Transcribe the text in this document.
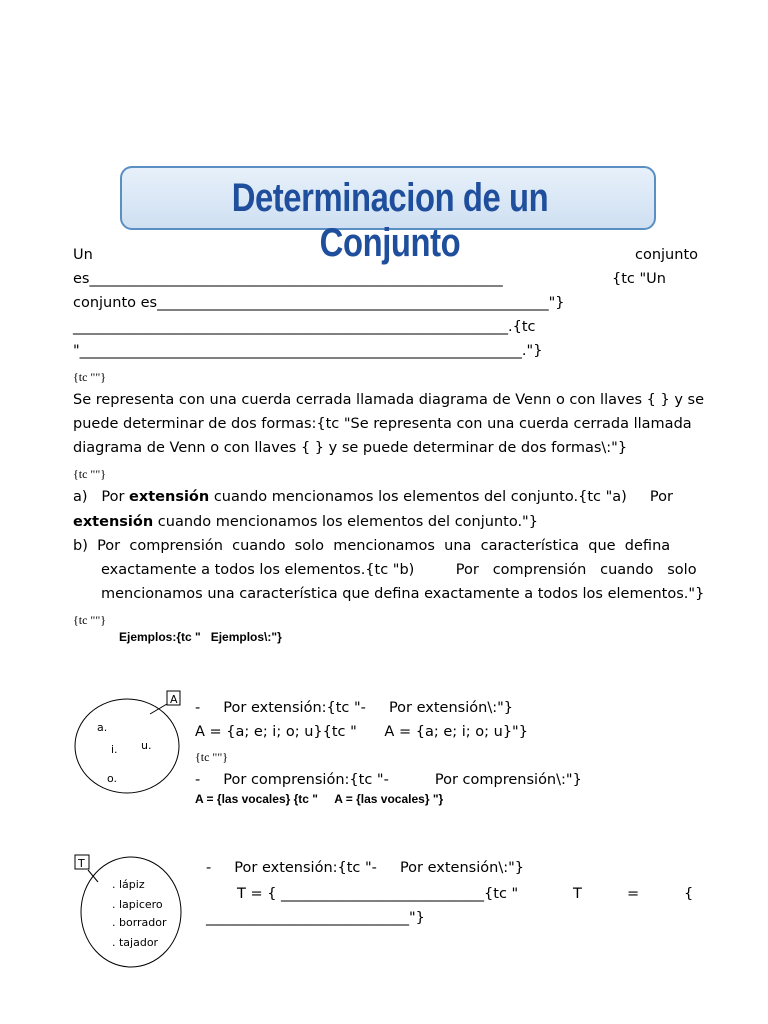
Determinacion de un Conjunto
Un	conjunto
es_________________________________________________________	{tc "Un
conjunto es______________________________________________________"}
____________________________________________________________.{tc
"_____________________________________________________________."}
{tc ""}
Se representa con una cuerda cerrada llamada diagrama de Venn o con llaves { } y se
puede determinar de dos formas:{tc "Se representa con una cuerda cerrada llamada
diagrama de Venn o con llaves { } y se puede determinar de dos formas\:"}
{tc ""}
a)   Por extensión cuando mencionamos los elementos del conjunto.{tc "a)     Por
extensión cuando mencionamos los elementos del conjunto."}
b)  Por  comprensión  cuando  solo  mencionamos  una  característica  que  defina
exactamente a todos los elementos.{tc "b)         Por   comprensión   cuando   solo
mencionamos una característica que defina exactamente a todos los elementos."}
{tc ""}
Ejemplos:{tc "   Ejemplos\:"}
A
a.
i. u.
o.
-     Por extensión:{tc "-     Por extensión\:"}
A = {a; e; i; o; u}{tc "      A = {a; e; i; o; u}"}
{tc ""}
-     Por comprensión:{tc "-          Por comprensión\:"}
A = {las vocales} {tc "     A = {las vocales} "}
T
. lápiz
. lapicero
. borrador
. tajador
-     Por extensión:{tc "-     Por extensión\:"}
T = { ____________________________{tc "	T	=	{
____________________________"}
